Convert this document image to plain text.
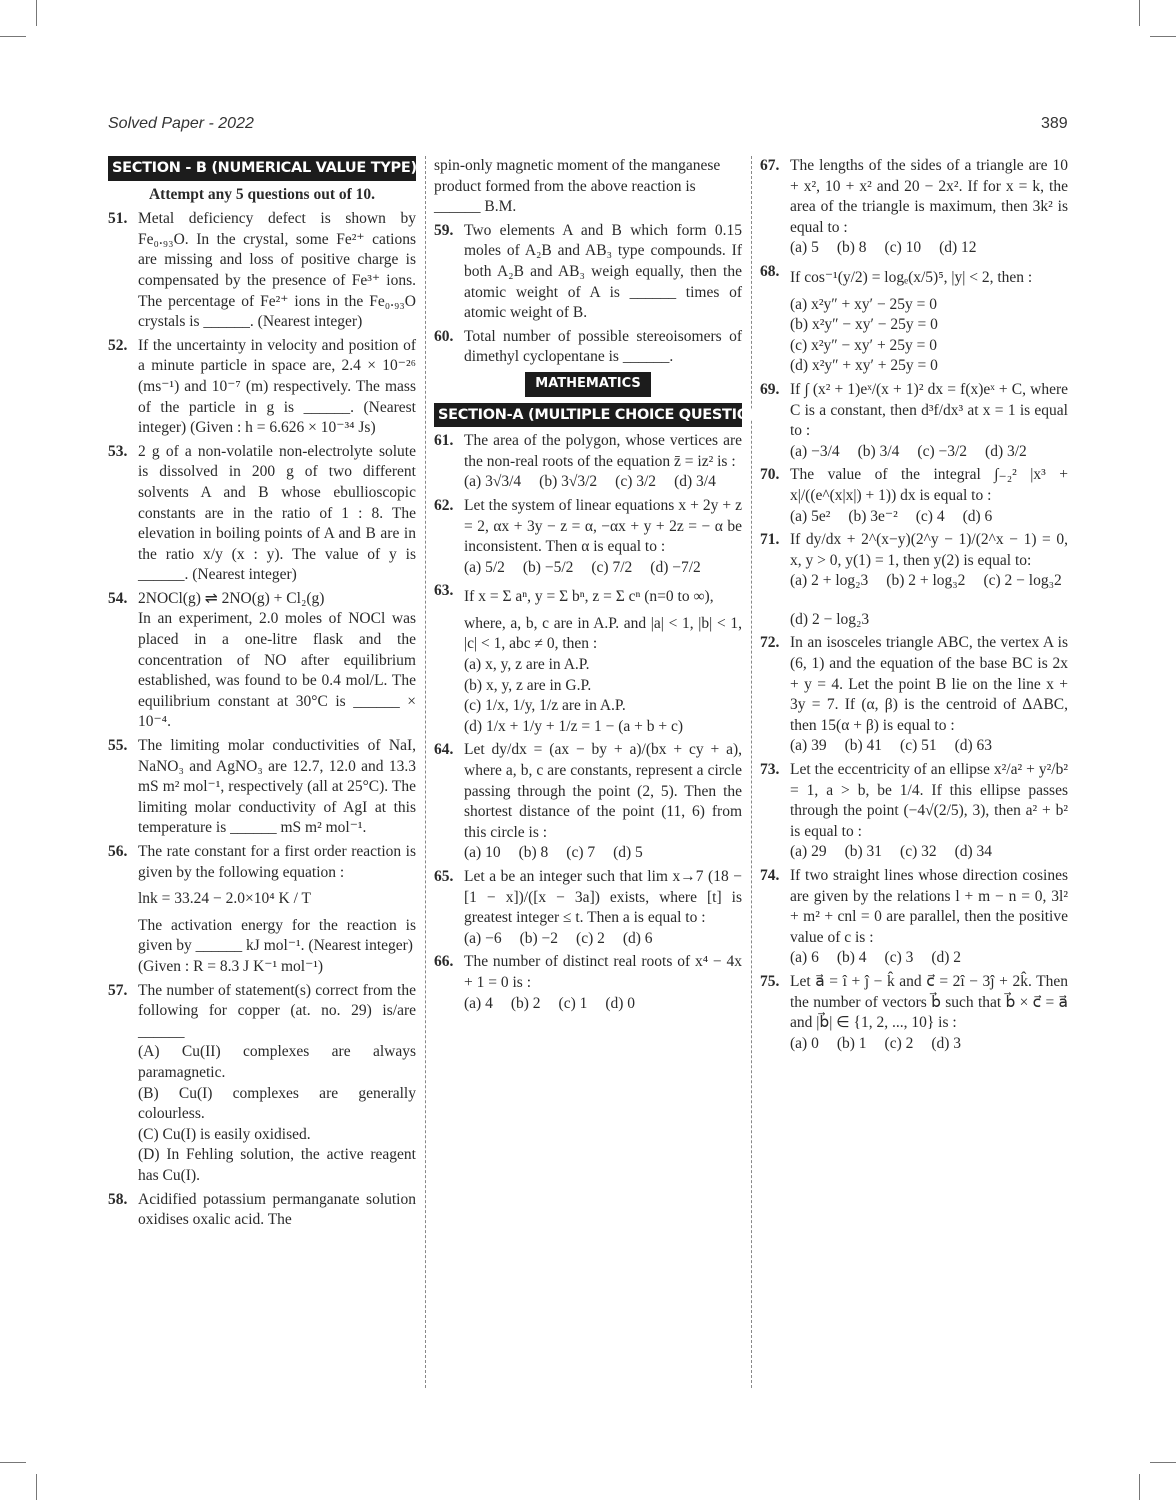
Solved Paper - 2022	389
SECTION - B (NUMERICAL VALUE TYPE)
Attempt any 5 questions out of 10.
51. Metal deficiency defect is shown by Fe₀.₉₃O. In the crystal, some Fe²⁺ cations are missing and loss of positive charge is compensated by the presence of Fe³⁺ ions. The percentage of Fe²⁺ ions in the Fe₀.₉₃O crystals is ______. (Nearest integer)
52. If the uncertainty in velocity and position of a minute particle in space are, 2.4 × 10⁻²⁶ (ms⁻¹) and 10⁻⁷ (m) respectively. The mass of the particle in g is ______. (Nearest integer) (Given : h = 6.626 × 10⁻³⁴ Js)
53. 2 g of a non-volatile non-electrolyte solute is dissolved in 200 g of two different solvents A and B whose ebullioscopic constants are in the ratio of 1 : 8. The elevation in boiling points of A and B are in the ratio x/y (x : y). The value of y is ______. (Nearest integer)
54. 2NOCl(g) ⇌ 2NO(g) + Cl₂(g)
In an experiment, 2.0 moles of NOCl was placed in a one-litre flask and the concentration of NO after equilibrium established, was found to be 0.4 mol/L. The equilibrium constant at 30°C is ______ × 10⁻⁴.
55. The limiting molar conductivities of NaI, NaNO₃ and AgNO₃ are 12.7, 12.0 and 13.3 mS m² mol⁻¹, respectively (all at 25°C). The limiting molar conductivity of AgI at this temperature is ______ mS m² mol⁻¹.
56. The rate constant for a first order reaction is given by the following equation :
lnk = 33.24 − 2.0×10⁴ K / T
The activation energy for the reaction is given by ______ kJ mol⁻¹. (Nearest integer)
(Given : R = 8.3 J K⁻¹ mol⁻¹)
57. The number of statement(s) correct from the following for copper (at. no. 29) is/are ______
(A) Cu(II) complexes are always paramagnetic.
(B) Cu(I) complexes are generally colourless.
(C) Cu(I) is easily oxidised.
(D) In Fehling solution, the active reagent has Cu(I).
58. Acidified potassium permanganate solution oxidises oxalic acid. The
spin-only magnetic moment of the manganese product formed from the above reaction is ______ B.M.
59. Two elements A and B which form 0.15 moles of A₂B and AB₃ type compounds. If both A₂B and AB₃ weigh equally, then the atomic weight of A is ______ times of atomic weight of B.
60. Total number of possible stereoisomers of dimethyl cyclopentane is ______.
MATHEMATICS
SECTION-A (MULTIPLE CHOICE QUESTIONS)
61. The area of the polygon, whose vertices are the non-real roots of the equation z̄ = iz² is :
(a) 3√3/4 (b) 3√3/2 (c) 3/2 (d) 3/4
62. Let the system of linear equations x + 2y + z = 2, αx + 3y − z = α, −αx + y + 2z = − α be inconsistent. Then α is equal to :
(a) 5/2 (b) −5/2 (c) 7/2 (d) −7/2
63. If x = Σ aⁿ, y = Σ bⁿ, z = Σ cⁿ (n=0 to ∞),
where, a, b, c are in A.P. and |a| < 1, |b| < 1, |c| < 1, abc ≠ 0, then :
(a) x, y, z are in A.P.
(b) x, y, z are in G.P.
(c) 1/x, 1/y, 1/z are in A.P.
(d) 1/x + 1/y + 1/z = 1 − (a + b + c)
64. Let dy/dx = (ax − by + a)/(bx + cy + a), where a, b, c are constants, represent a circle passing through the point (2, 5). Then the shortest distance of the point (11, 6) from this circle is :
(a) 10 (b) 8 (c) 7 (d) 5
65. Let a be an integer such that lim x→7 (18 − [1 − x])/([x − 3a]) exists, where [t] is greatest integer ≤ t. Then a is equal to :
(a) −6 (b) −2 (c) 2 (d) 6
66. The number of distinct real roots of x⁴ − 4x + 1 = 0 is :
(a) 4 (b) 2 (c) 1 (d) 0
67. The lengths of the sides of a triangle are 10 + x², 10 + x² and 20 − 2x². If for x = k, the area of the triangle is maximum, then 3k² is equal to :
(a) 5 (b) 8 (c) 10 (d) 12
68. If cos⁻¹(y/2) = logₑ(x/5)⁵, |y| < 2, then :
(a) x²y″ + xy′ − 25y = 0
(b) x²y″ − xy′ − 25y = 0
(c) x²y″ − xy′ + 25y = 0
(d) x²y″ + xy′ + 25y = 0
69. If ∫ (x² + 1)eˣ/(x + 1)² dx = f(x)eˣ + C, where C is a constant, then d³f/dx³ at x = 1 is equal to :
(a) −3/4 (b) 3/4 (c) −3/2 (d) 3/2
70. The value of the integral ∫₋₂² |x³ + x|/((e^(x|x|) + 1)) dx is equal to :
(a) 5e² (b) 3e⁻² (c) 4 (d) 6
71. If dy/dx + 2^(x−y)(2^y − 1)/(2^x − 1) = 0, x, y > 0, y(1) = 1, then y(2) is equal to:
(a) 2 + log₂3 (b) 2 + log₃2 (c) 2 − log₃2
(d) 2 − log₂3
72. In an isosceles triangle ABC, the vertex A is (6, 1) and the equation of the base BC is 2x + y = 4. Let the point B lie on the line x + 3y = 7. If (α, β) is the centroid of ΔABC, then 15(α + β) is equal to :
(a) 39 (b) 41 (c) 51 (d) 63
73. Let the eccentricity of an ellipse x²/a² + y²/b² = 1, a > b, be 1/4. If this ellipse passes through the point (−4√(2/5), 3), then a² + b² is equal to :
(a) 29 (b) 31 (c) 32 (d) 34
74. If two straight lines whose direction cosines are given by the relations l + m − n = 0, 3l² + m² + cnl = 0 are parallel, then the positive value of c is :
(a) 6 (b) 4 (c) 3 (d) 2
75. Let a⃗ = î + ĵ − k̂ and c⃗ = 2î − 3ĵ + 2k̂. Then the number of vectors b⃗ such that b⃗ × c⃗ = a⃗ and |b⃗| ∈ {1, 2, ..., 10} is :
(a) 0 (b) 1 (c) 2 (d) 3
